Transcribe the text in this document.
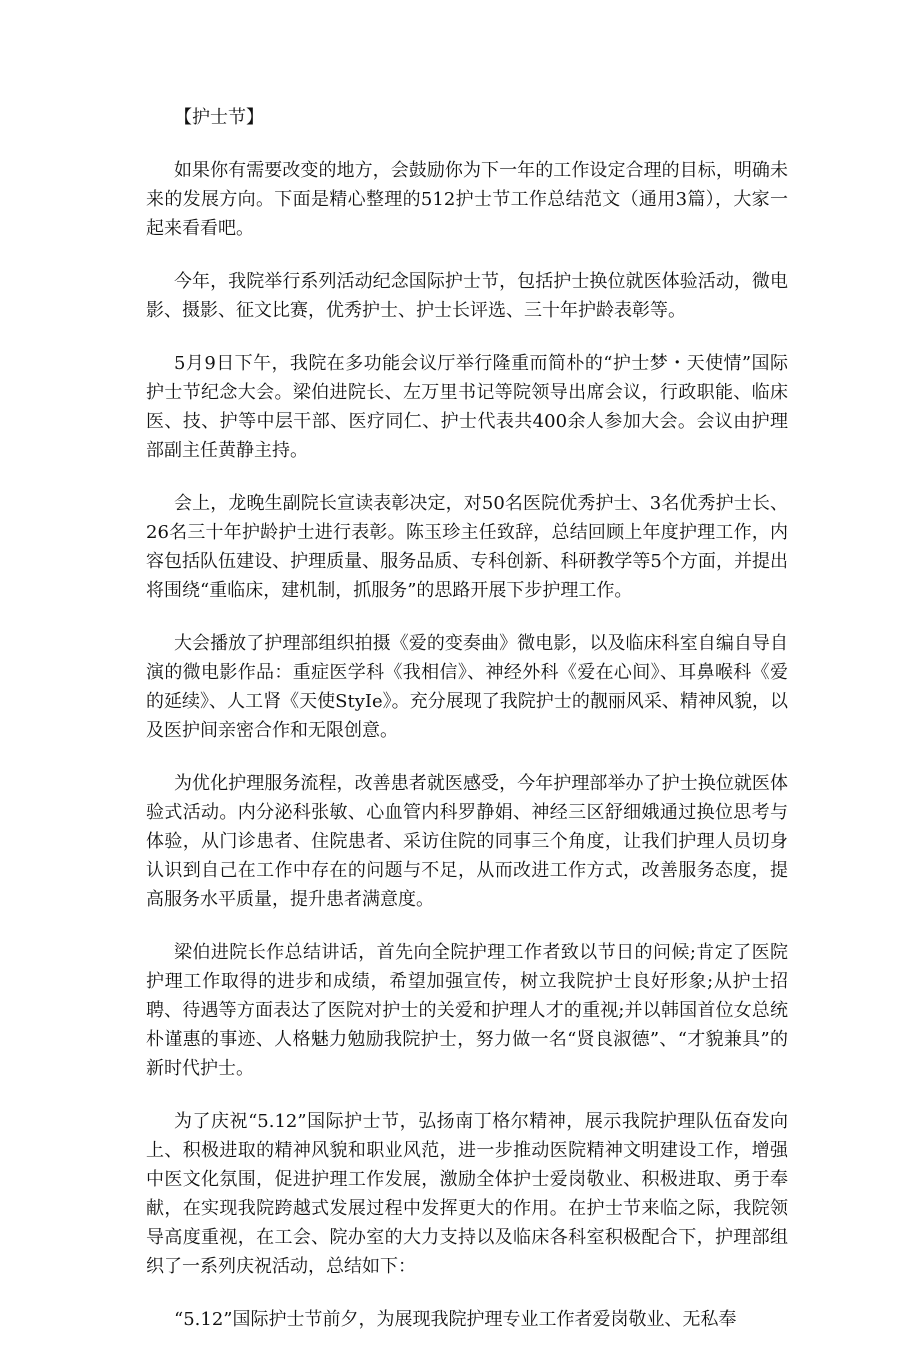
【护士节】

如果你有需要改变的地方，会鼓励你为下一年的工作设定合理的目标，明确未来的发展方向。下面是精心整理的512护士节工作总结范文（通用3篇），大家一起来看看吧。

今年，我院举行系列活动纪念国际护士节，包括护士换位就医体验活动，微电影、摄影、征文比赛，优秀护士、护士长评选、三十年护龄表彰等。

5月9日下午，我院在多功能会议厅举行隆重而简朴的“护士梦・天使情”国际护士节纪念大会。梁伯进院长、左万里书记等院领导出席会议，行政职能、临床医、技、护等中层干部、医疗同仁、护士代表共400余人参加大会。会议由护理部副主任黄静主持。

会上，龙晚生副院长宣读表彰决定，对50名医院优秀护士、3名优秀护士长、26名三十年护龄护士进行表彰。陈玉珍主任致辞，总结回顾上年度护理工作，内容包括队伍建设、护理质量、服务品质、专科创新、科研教学等5个方面，并提出将围绕“重临床，建机制，抓服务”的思路开展下步护理工作。

大会播放了护理部组织拍摄《爱的变奏曲》微电影，以及临床科室自编自导自演的微电影作品：重症医学科《我相信》、神经外科《爱在心间》、耳鼻喉科《爱的延续》、人工肾《天使StyIe》。充分展现了我院护士的靓丽风采、精神风貌，以及医护间亲密合作和无限创意。

为优化护理服务流程，改善患者就医感受，今年护理部举办了护士换位就医体验式活动。内分泌科张敏、心血管内科罗静娟、神经三区舒细娥通过换位思考与体验，从门诊患者、住院患者、采访住院的同事三个角度，让我们护理人员切身认识到自己在工作中存在的问题与不足，从而改进工作方式，改善服务态度，提高服务水平质量，提升患者满意度。

梁伯进院长作总结讲话，首先向全院护理工作者致以节日的问候;肯定了医院护理工作取得的进步和成绩，希望加强宣传，树立我院护士良好形象;从护士招聘、待遇等方面表达了医院对护士的关爱和护理人才的重视;并以韩国首位女总统朴谨惠的事迹、人格魅力勉励我院护士，努力做一名“贤良淑德”、“才貌兼具”的新时代护士。

为了庆祝“5.12”国际护士节，弘扬南丁格尔精神，展示我院护理队伍奋发向上、积极进取的精神风貌和职业风范，进一步推动医院精神文明建设工作，增强中医文化氛围，促进护理工作发展，激励全体护士爱岗敬业、积极进取、勇于奉献，在实现我院跨越式发展过程中发挥更大的作用。在护士节来临之际，我院领导高度重视，在工会、院办室的大力支持以及临床各科室积极配合下，护理部组织了一系列庆祝活动，总结如下：

“5.12”国际护士节前夕，为展现我院护理专业工作者爱岗敬业、无私奉
